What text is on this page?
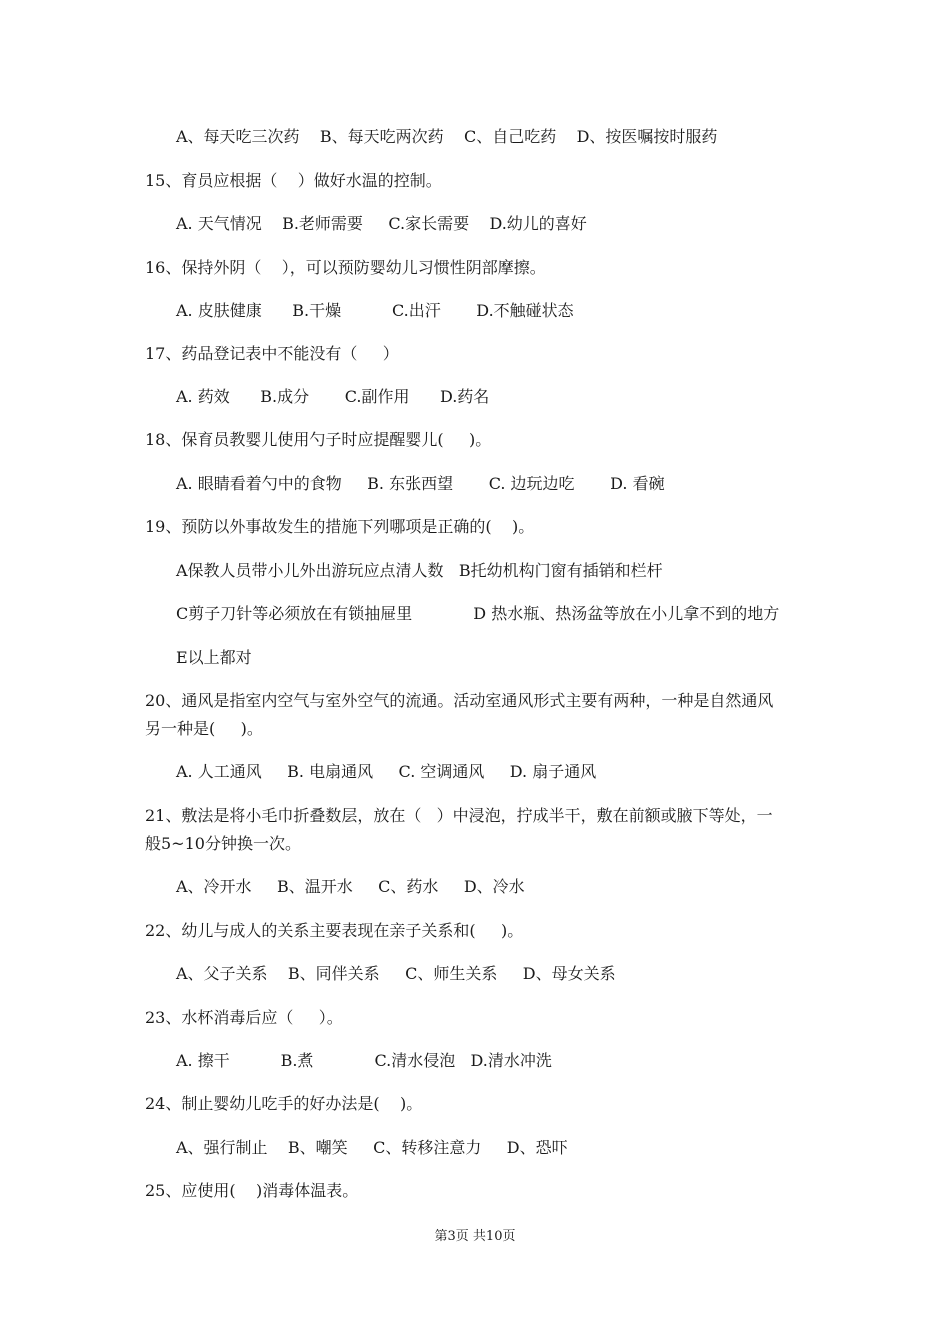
A、每天吃三次药    B、每天吃两次药    C、自己吃药    D、按医嘱按时服药
15、育员应根据（    ）做好水温的控制。
A. 天气情况    B.老师需要     C.家长需要    D.幼儿的喜好
16、保持外阴（    ），可以预防婴幼儿习惯性阴部摩擦。
A. 皮肤健康      B.干燥          C.出汗       D.不触碰状态
17、药品登记表中不能没有（     ）
A. 药效      B.成分       C.副作用      D.药名
18、保育员教婴儿使用勺子时应提醒婴儿(     )。
A. 眼睛看着勺中的食物     B. 东张西望       C. 边玩边吃       D. 看碗
19、预防以外事故发生的措施下列哪项是正确的(    )。
A保教人员带小儿外出游玩应点清人数   B托幼机构门窗有插销和栏杆
C剪子刀针等必须放在有锁抽屉里            D 热水瓶、热汤盆等放在小儿拿不到的地方
E以上都对
20、通风是指室内空气与室外空气的流通。活动室通风形式主要有两种，一种是自然通风
另一种是(     )。
A. 人工通风     B. 电扇通风     C. 空调通风     D. 扇子通风
21、敷法是将小毛巾折叠数层，放在（   ）中浸泡，拧成半干，敷在前额或腋下等处，一
般5~10分钟换一次。
A、冷开水     B、温开水     C、药水     D、冷水
22、幼儿与成人的关系主要表现在亲子关系和(     )。
A、父子关系    B、同伴关系     C、师生关系     D、母女关系
23、水杯消毒后应（     ）。
A. 擦干          B.煮            C.清水侵泡   D.清水冲洗
24、制止婴幼儿吃手的好办法是(    )。
A、强行制止    B、嘲笑     C、转移注意力     D、恐吓
25、应使用(    )消毒体温表。
第3页 共10页
